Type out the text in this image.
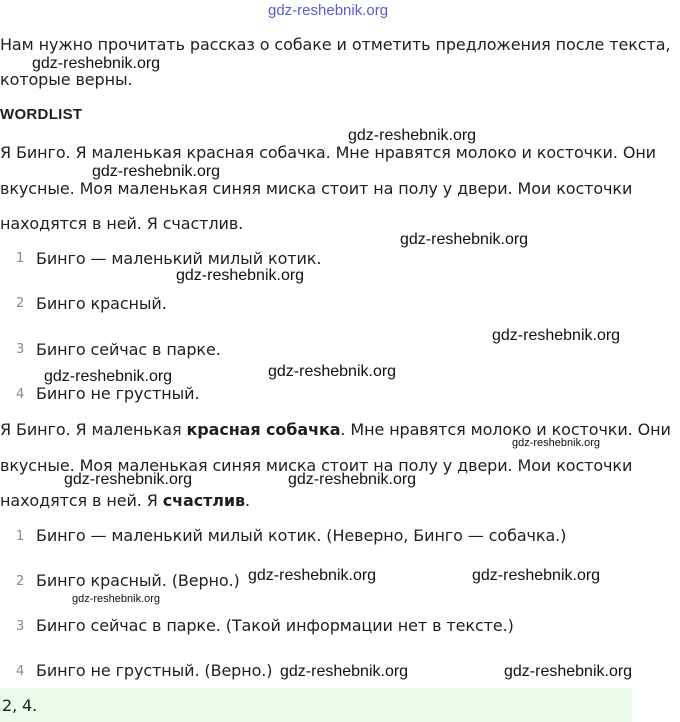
gdz-reshebnik.org
gdz-reshebnik.org
gdz-reshebnik.org
gdz-reshebnik.org
gdz-reshebnik.org
gdz-reshebnik.org
gdz-reshebnik.org
gdz-reshebnik.org
gdz-reshebnik.org
gdz-reshebnik.org
gdz-reshebnik.org	gdz-reshebnik.org
gdz-reshebnik.org	gdz-reshebnik.org
gdz-reshebnik.org
gdz-reshebnik.org	gdz-reshebnik.org
Нам нужно прочитать рассказ о собаке и отметить предложения после текста,
которые верны.
WORDLIST
Я Бинго. Я маленькая красная собачка. Мне нравятся молоко и косточки. Они
вкусные. Моя маленькая синяя миска стоит на полу у двери. Мои косточки
находятся в ней. Я счастлив.
1 Бинго — маленький милый котик.
2 Бинго красный.
3 Бинго сейчас в парке.
4 Бинго не грустный.
Я Бинго. Я маленькая красная собачка. Мне нравятся молоко и косточки. Они
вкусные. Моя маленькая синяя миска стоит на полу у двери. Мои косточки
находятся в ней. Я счастлив.
1 Бинго — маленький милый котик. (Неверно, Бинго — собачка.)
2 Бинго красный. (Верно.)
3 Бинго сейчас в парке. (Такой информации нет в тексте.)
4 Бинго не грустный. (Верно.)
2, 4.
